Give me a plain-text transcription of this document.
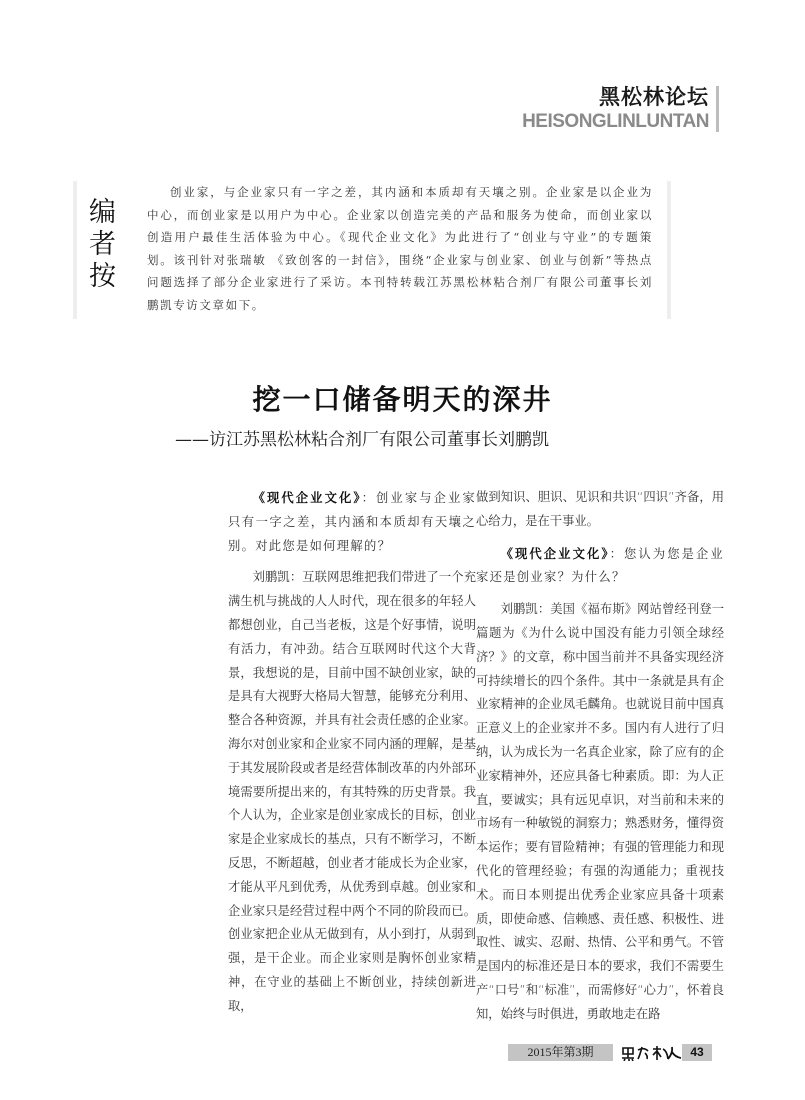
黑松林论坛
HEISONGLINLUNTAN
编
者
按
创业家，与企业家只有一字之差，其内涵和本质却有天壤之别。企业家是以企业为中心，而创业家是以用户为中心。企业家以创造完美的产品和服务为使命，而创业家以创造用户最佳生活体验为中心。《现代企业文化》为此进行了“创业与守业”的专题策划。该刊针对张瑞敏 《致创客的一封信》，围绕“企业家与创业家、创业与创新”等热点问题选择了部分企业家进行了采访。本刊特转载江苏黑松林粘合剂厂有限公司董事长刘鹏凯专访文章如下。
挖一口储备明天的深井
——访江苏黑松林粘合剂厂有限公司董事长刘鹏凯

《现代企业文化》：创业家与企业家只有一字之差，其内涵和本质却有天壤之别。对此您是如何理解的？

刘鹏凯：互联网思维把我们带进了一个充满生机与挑战的人人时代，现在很多的年轻人都想创业，自己当老板，这是个好事情，说明有活力，有冲劲。结合互联网时代这个大背景，我想说的是，目前中国不缺创业家，缺的是具有大视野大格局大智慧，能够充分利用、整合各种资源，并具有社会责任感的企业家。海尔对创业家和企业家不同内涵的理解，是基于其发展阶段或者是经营体制改革的内外部环境需要所提出来的，有其特殊的历史背景。我个人认为，企业家是创业家成长的目标，创业家是企业家成长的基点，只有不断学习，不断反思，不断超越，创业者才能成长为企业家，才能从平凡到优秀，从优秀到卓越。创业家和企业家只是经营过程中两个不同的阶段而已。创业家把企业从无做到有，从小到打，从弱到强，是干企业。而企业家则是胸怀创业家精神，在守业的基础上不断创业，持续创新进取，

做到知识、胆识、见识和共识“四识”齐备，用心给力，是在干事业。

《现代企业文化》：您认为您是企业家还是创业家？为什么？

刘鹏凯：美国《福布斯》网站曾经刊登一篇题为《为什么说中国没有能力引领全球经济？》的文章，称中国当前并不具备实现经济可持续增长的四个条件。其中一条就是具有企业家精神的企业凤毛麟角。也就说目前中国真正意义上的企业家并不多。国内有人进行了归纳，认为成长为一名真企业家，除了应有的企业家精神外，还应具备七种素质。即：为人正直，要诚实；具有远见卓识，对当前和未来的市场有一种敏锐的洞察力；熟悉财务，懂得资本运作；要有冒险精神；有强的管理能力和现代化的管理经验；有强的沟通能力；重视技术。而日本则提出优秀企业家应具备十项素质，即使命感、信赖感、责任感、积极性、进取性、诚实、忍耐、热情、公平和勇气。不管是国内的标准还是日本的要求，我们不需要生产“口号”和“标准”，而需修好“心力”，怀着良知，始终与时俱进，勇敢地走在路

2015年第3期	43
